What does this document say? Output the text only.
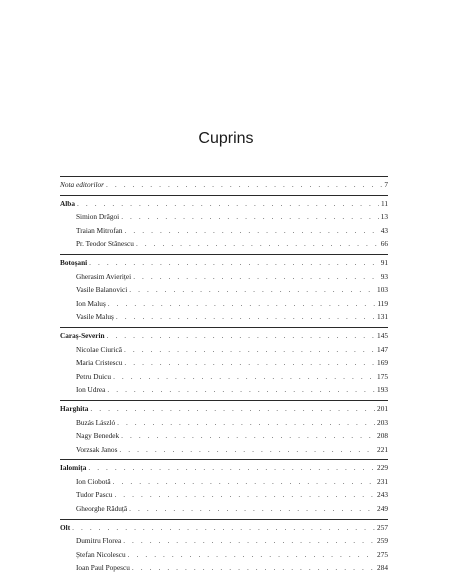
Cuprins
Nota editorilor . . .	7
Alba . . .	11
Simion Drăgoi . . .	13
Traian Mitrofan . . .	43
Pr. Teodor Stănescu . . .	66
Botoșani . . .	91
Gherasim Avieriței . . .	93
Vasile Balanovici . . .	103
Ion Maluș . . .	119
Vasile Maluș . . .	131
Caraș-Severin . . .	145
Nicolae Ciurică . . .	147
Maria Cristescu . . .	169
Petru Duicu . . .	175
Ion Udrea . . .	193
Harghita . . .	201
Buzás László . . .	203
Nagy Benedek . . .	208
Vorzsak Janos . . .	221
Ialomița . . .	229
Ion Ciobotă . . .	231
Tudor Pascu . . .	243
Gheorghe Răduță . . .	249
Olt . . .	257
Dumitru Florea . . .	259
Ștefan Nicolescu . . .	275
Ioan Paul Popescu . . .	284
